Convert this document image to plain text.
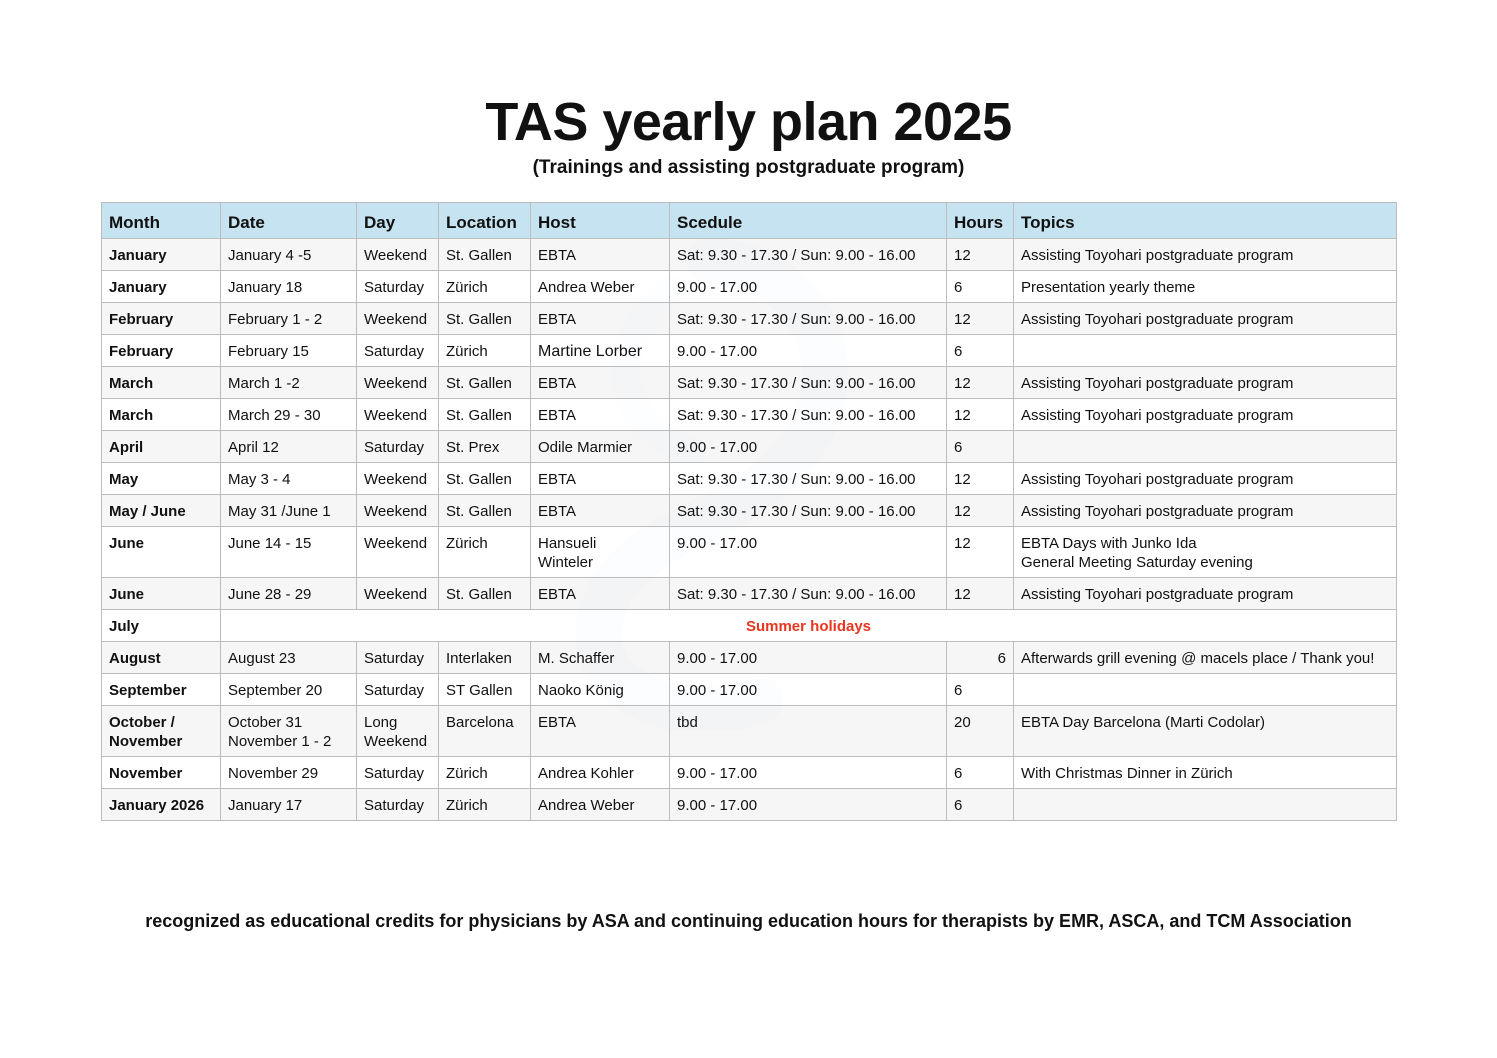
TAS yearly plan 2025
(Trainings and assisting postgraduate program)
Month	Date	Day	Location	Host	Scedule	Hours	Topics
January	January 4 -5	Weekend	St. Gallen	EBTA	Sat: 9.30 - 17.30 / Sun: 9.00 - 16.00	12	Assisting Toyohari postgraduate program
January	January 18	Saturday	Zürich	Andrea Weber	9.00 - 17.00	6	Presentation yearly theme
February	February 1 - 2	Weekend	St. Gallen	EBTA	Sat: 9.30 - 17.30 / Sun: 9.00 - 16.00	12	Assisting Toyohari postgraduate program
February	February 15	Saturday	Zürich	Martine Lorber	9.00 - 17.00	6	
March	March 1 -2	Weekend	St. Gallen	EBTA	Sat: 9.30 - 17.30 / Sun: 9.00 - 16.00	12	Assisting Toyohari postgraduate program
March	March 29 - 30	Weekend	St. Gallen	EBTA	Sat: 9.30 - 17.30 / Sun: 9.00 - 16.00	12	Assisting Toyohari postgraduate program
April	April 12	Saturday	St. Prex	Odile Marmier	9.00 - 17.00	6	
May	May 3 - 4	Weekend	St. Gallen	EBTA	Sat: 9.30 - 17.30 / Sun: 9.00 - 16.00	12	Assisting Toyohari postgraduate program
May / June	May 31 /June 1	Weekend	St. Gallen	EBTA	Sat: 9.30 - 17.30 / Sun: 9.00 - 16.00	12	Assisting Toyohari postgraduate program
June	June 14 - 15	Weekend	Zürich	Hansueli
Winteler	9.00 - 17.00	12	EBTA Days with Junko Ida
General Meeting Saturday evening
June	June 28 - 29	Weekend	St. Gallen	EBTA	Sat: 9.30 - 17.30 / Sun: 9.00 - 16.00	12	Assisting Toyohari postgraduate program
July	Summer holidays						
August	August 23	Saturday	Interlaken	M. Schaffer	9.00 - 17.00	6	Afterwards grill evening @ macels place / Thank you!
September	September 20	Saturday	ST Gallen	Naoko König	9.00 - 17.00	6	
October /
November	October 31
November 1 - 2	Long
Weekend	Barcelona	EBTA	tbd	20	EBTA Day Barcelona (Marti Codolar)
November	November 29	Saturday	Zürich	Andrea Kohler	9.00 - 17.00	6	With Christmas Dinner in Zürich
January 2026	January 17	Saturday	Zürich	Andrea Weber	9.00 - 17.00	6	
recognized as educational credits for physicians by ASA and continuing education hours for therapists by EMR, ASCA, and TCM Association
